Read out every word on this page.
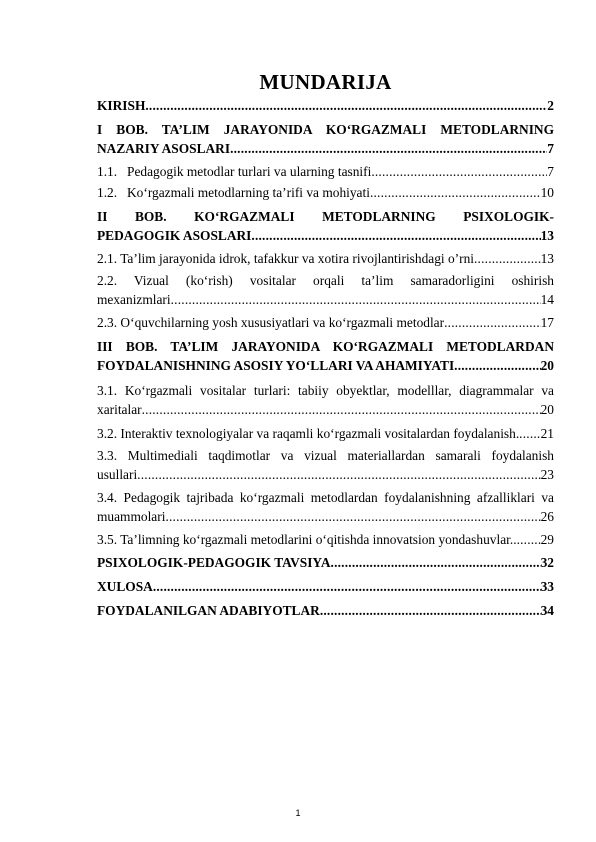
MUNDARIJA
KIRISH .....	2
I BOB. TA’LIM JARAYONIDA KO‘RGAZMALI METODLARNING
NAZARIY ASOSLARI .....	7
1.1. Pedagogik metodlar turlari va ularning tasnifi .....	7
1.2. Ko‘rgazmali metodlarning ta’rifi va mohiyati .....	10
II BOB. KO‘RGAZMALI METODLARNING PSIXOLOGIK-
PEDAGOGIK ASOSLARI .....	13
2.1. Ta’lim jarayonida idrok, tafakkur va xotira rivojlantirishdagi o’rni .....	13
2.2. Vizual (ko‘rish) vositalar orqali ta’lim samaradorligini oshirish
mexanizmlari .....	14
2.3. O‘quvchilarning yosh xususiyatlari va ko‘rgazmali metodlar .....	17
III BOB. TA’LIM JARAYONIDA KO‘RGAZMALI METODLARDAN
FOYDALANISHNING ASOSIY YO‘LLARI VA AHAMIYATI .....	20
3.1. Ko‘rgazmali vositalar turlari: tabiiy obyektlar, modelllar, diagrammalar va
xaritalar .....	20
3.2. Interaktiv texnologiyalar va raqamli ko‘rgazmali vositalardan foydalanish. ..... 21
3.3. Multimediali taqdimotlar va vizual materiallardan samarali foydalanish
usullari .....	23
3.4. Pedagogik tajribada ko‘rgazmali metodlardan foydalanishning afzalliklari va
muammolari .....	26
3.5. Ta’limning ko‘rgazmali metodlarini o‘qitishda innovatsion yondashuvlar.. ..... 29
PSIXOLOGIK-PEDAGOGIK TAVSIYA .....	32
XULOSA .....	33
FOYDALANILGAN ADABIYOTLAR .....	34
1
